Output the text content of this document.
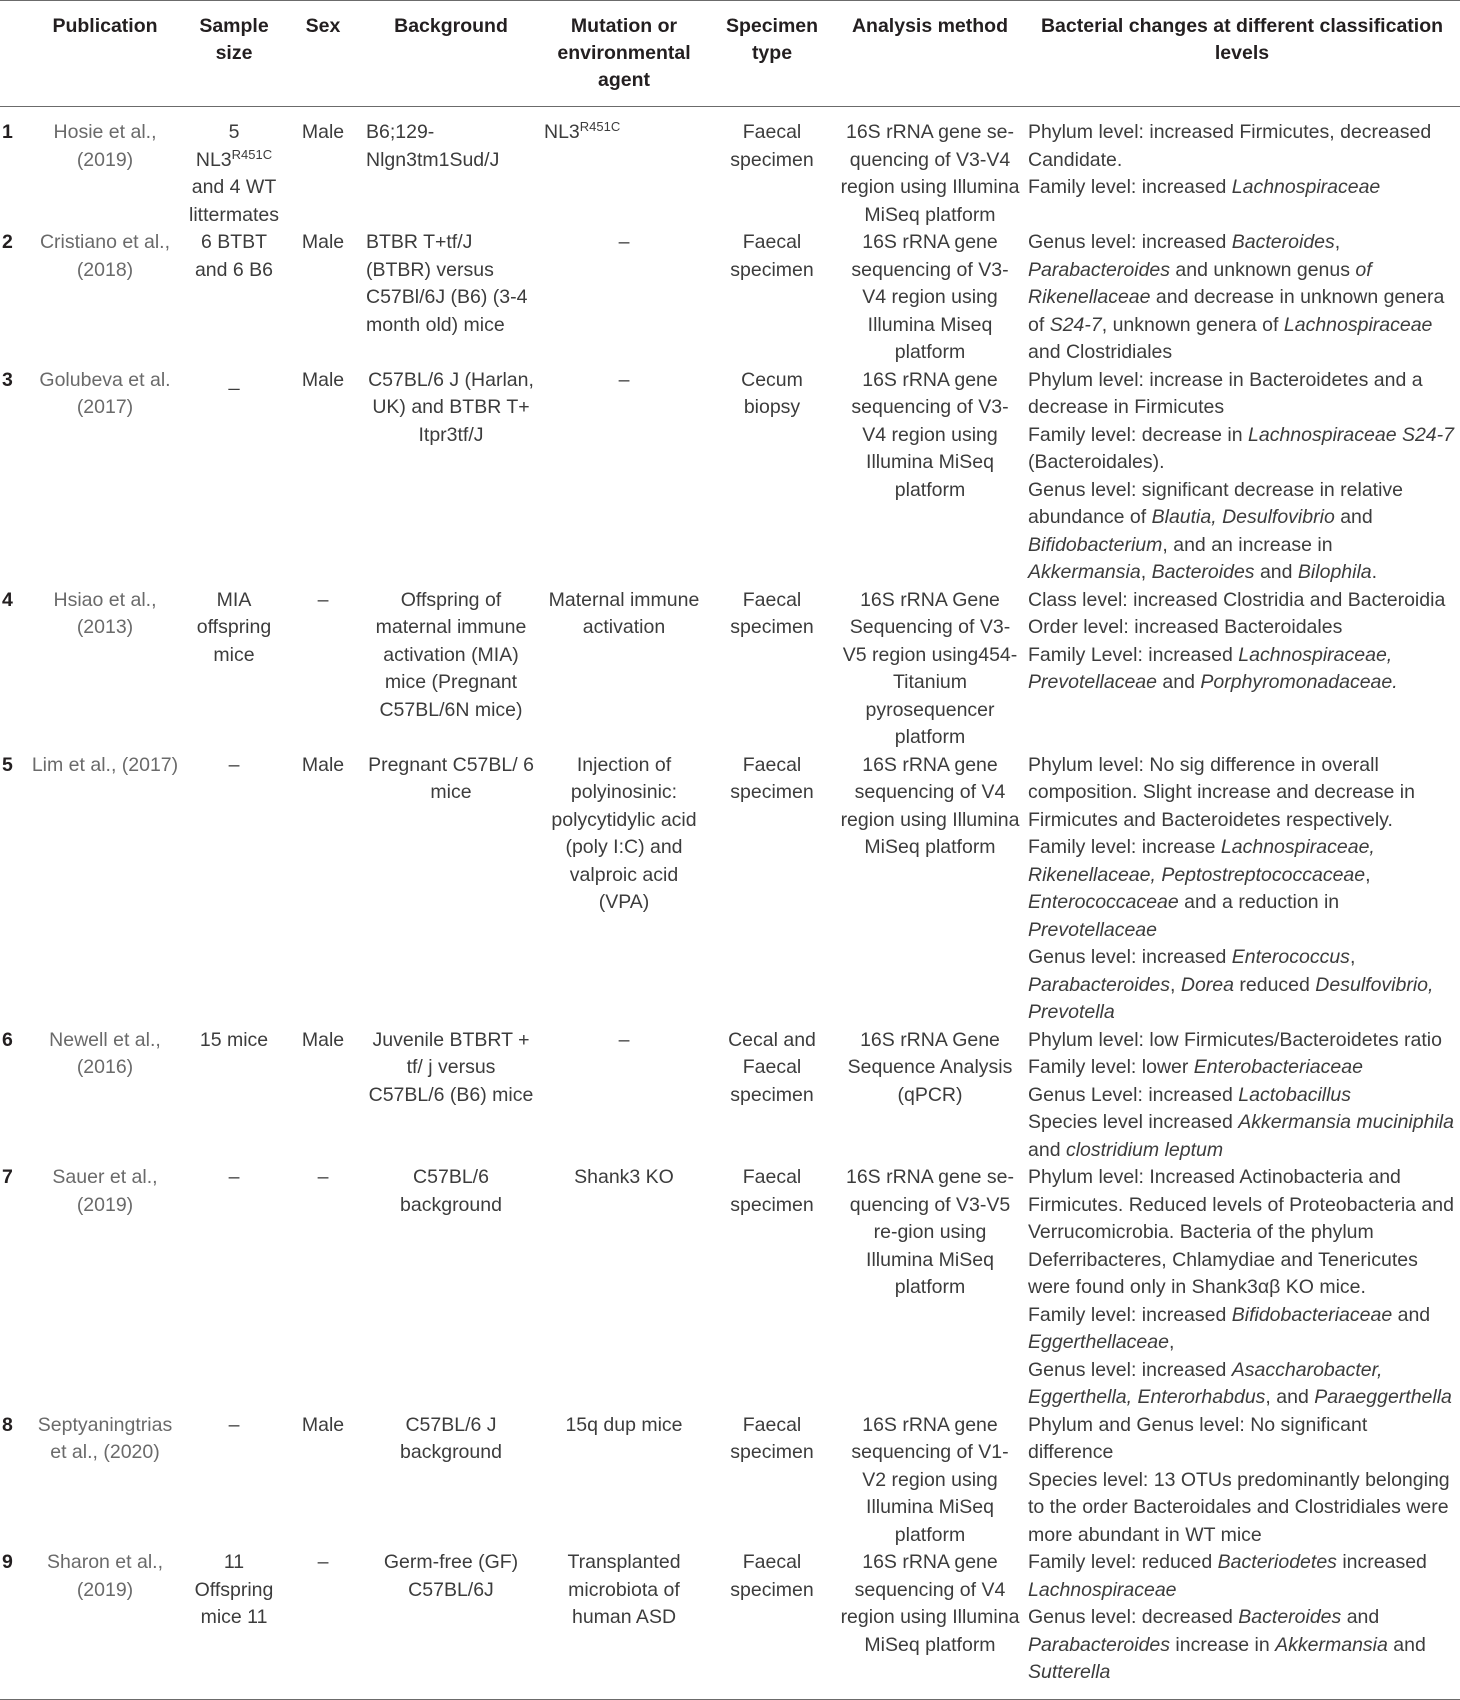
	Publication	Sample size	Sex	Background	Mutation or environmental agent	Specimen type	Analysis method	Bacterial changes at different classification levels
1	Hosie et al., (2019)	5 $NL3^{R451C}$ and 4 WT littermates	Male	B6;129-Nlgn3tm1Sud/J	$NL3^{R451C}$	Faecal specimen	16S rRNA gene se-quencing of V3-V4 region using Illumina MiSeq platform	Phylum level: increased Firmicutes, decreased Candidate.
Family level: increased Lachnospiraceae

2	Cristiano et al., (2018)	6 BTBT and 6 B6	Male	BTBR T+tf/J (BTBR) versus C57Bl/6J (B6) (3-4 month old) mice	–	Faecal specimen	16S rRNA gene sequencing of V3-V4 region using Illumina Miseq platform	Genus level: increased Bacteroides, Parabacteroides and unknown genus of Rikenellaceae and decrease in unknown genera of S24-7, unknown genera of Lachnospiraceae and Clostridiales
3	Golubeva et al. (2017)	_	Male	C57BL/6 J (Harlan, UK) and BTBR T+ Itpr3tf/J	–	Cecum biopsy	16S rRNA gene sequencing of V3-V4 region using Illumina MiSeq platform	Phylum level: increase in Bacteroidetes and a decrease in Firmicutes
Family level: decrease in Lachnospiraceae S24-7 (Bacteroidales).
Genus level: significant decrease in relative abundance of Blautia, Desulfovibrio and Bifidobacterium, and an increase in Akkermansia, Bacteroides and Bilophila.

4	Hsiao et al., (2013)	MIA offspring mice	–	Offspring of maternal immune activation (MIA) mice (Pregnant C57BL/6N mice)	Maternal immune activation	Faecal specimen	16S rRNA Gene Sequencing of V3-V5 region using454-Titanium pyrosequencer platform	Class level: increased Clostridia and Bacteroidia
Order level: increased Bacteroidales
Family Level: increased Lachnospiraceae, Prevotellaceae and Porphyromonadaceae.

5	Lim et al., (2017)	–	Male	Pregnant C57BL/ 6 mice	Injection of polyinosinic: polycytidylic acid (poly I:C) and valproic acid (VPA)	Faecal specimen	16S rRNA gene sequencing of V4 region using Illumina MiSeq platform	Phylum level: No sig difference in overall composition. Slight increase and decrease in Firmicutes and Bacteroidetes respectively.
Family level: increase Lachnospiraceae, Rikenellaceae, Peptostreptococcaceae, Enterococcaceae and a reduction in Prevotellaceae
Genus level: increased Enterococcus, Parabacteroides, Dorea reduced Desulfovibrio, Prevotella

6	Newell et al., (2016)	15 mice	Male	Juvenile BTBRT + tf/ j versus C57BL/6 (B6) mice	–	Cecal and Faecal specimen	16S rRNA Gene Sequence Analysis (qPCR)	Phylum level: low Firmicutes/Bacteroidetes ratio
Family level: lower Enterobacteriaceae
Genus Level: increased Lactobacillus
Species level increased Akkermansia muciniphila and clostridium leptum

7	Sauer et al., (2019)	–	–	C57BL/6 background	Shank3 KO	Faecal specimen	16S rRNA gene se-quencing of V3-V5 re-gion using Illumina MiSeq platform	Phylum level: Increased Actinobacteria and Firmicutes. Reduced levels of Proteobacteria and Verrucomicrobia. Bacteria of the phylum Deferribacteres, Chlamydiae and Tenericutes were found only in Shank3αβ KO mice.
Family level: increased Bifidobacteriaceae and Eggerthellaceae,
Genus level: increased Asaccharobacter, Eggerthella, Enterorhabdus, and Paraeggerthella

8	Septyaningtrias et al., (2020)	–	Male	C57BL/6 J background	15q dup mice	Faecal specimen	16S rRNA gene sequencing of V1-V2 region using Illumina MiSeq platform	Phylum and Genus level: No significant difference
Species level: 13 OTUs predominantly belonging to the order Bacteroidales and Clostridiales were more abundant in WT mice

9	Sharon et al., (2019)	11 Offspring mice 11	–	Germ-free (GF) C57BL/6J	Transplanted microbiota of human ASD	Faecal specimen	16S rRNA gene sequencing of V4 region using Illumina MiSeq platform	Family level: reduced Bacteriodetes increased Lachnospiraceae
Genus level: decreased Bacteroides and Parabacteroides increase in Akkermansia and Sutterella
